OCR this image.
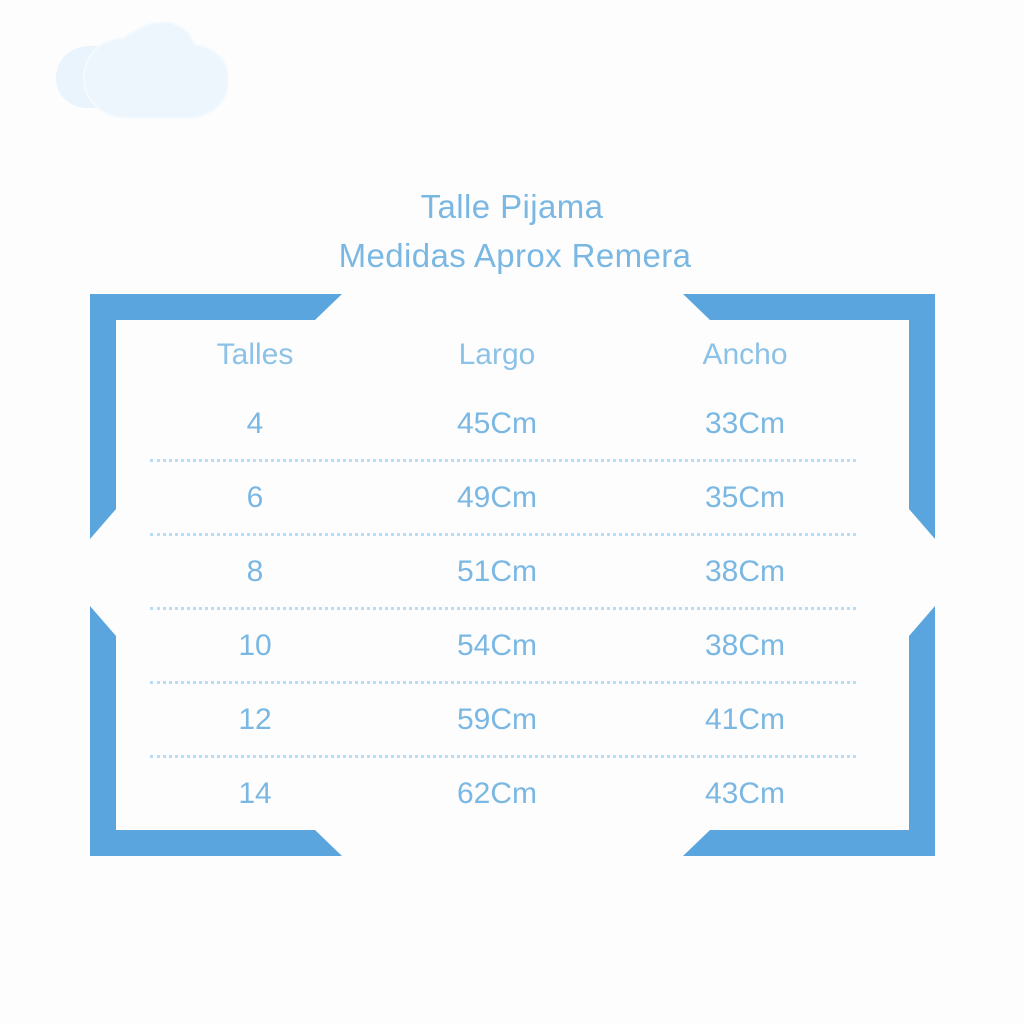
Talle Pijama
Medidas Aprox Remera
Talles	Largo	Ancho
4	45Cm	33Cm
6	49Cm	35Cm
8	51Cm	38Cm
10	54Cm	38Cm
12	59Cm	41Cm
14	62Cm	43Cm
